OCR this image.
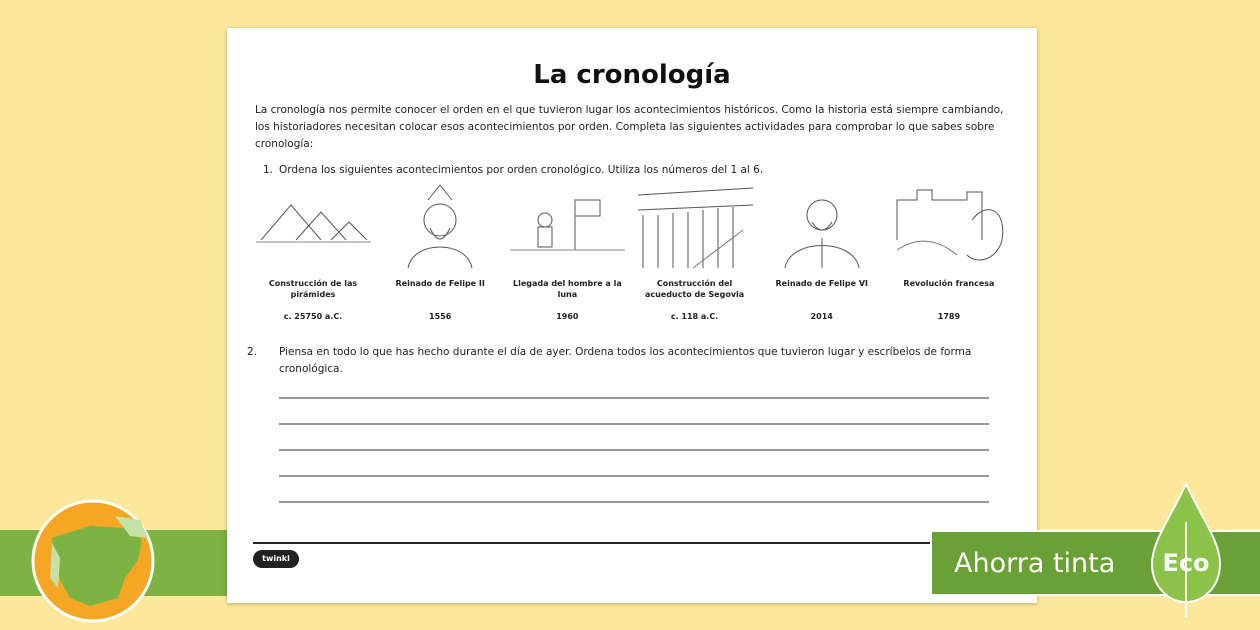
La cronología

La cronología nos permite conocer el orden en el que tuvieron lugar los acontecimientos históricos. Como la historia está siempre cambiando, los historiadores necesitan colocar esos acontecimientos por orden. Completa las siguientes actividades para comprobar lo que sabes sobre cronología:

1. Ordena los siguientes acontecimientos por orden cronológico. Utiliza los números del 1 al 6.
Construcción de las pirámides
c. 25750 a.C.
Reinado de Felipe II
1556
Llegada del hombre a la luna
1960
Construcción del acueducto de Segovia
c. 118 a.C.
Reinado de Felipe VI
2014
Revolución francesa
1789
2. Piensa en todo lo que has hecho durante el día de ayer. Ordena todos los acontecimientos que tuvieron lugar y escríbelos de forma cronológica.
twinkl	Ahorra tinta Eco
